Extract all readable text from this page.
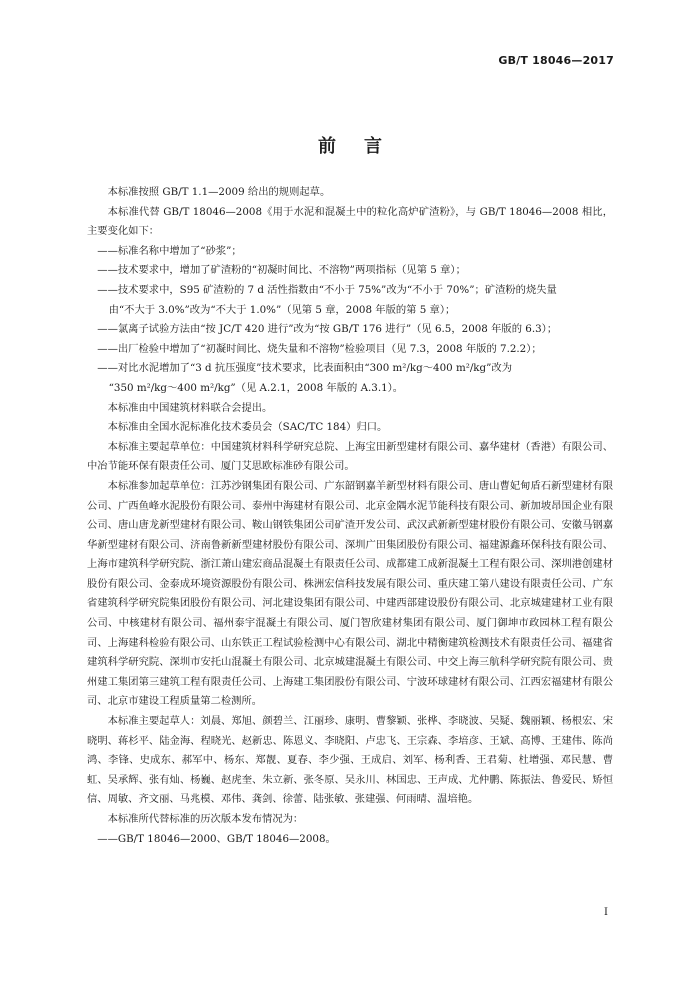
GB/T 18046—2017
前言

本标准按照 GB/T 1.1—2009 给出的规则起草。

本标准代替 GB/T 18046—2008《用于水泥和混凝土中的粒化高炉矿渣粉》，与 GB/T 18046—2008 相比，主要变化如下：

——标准名称中增加了“砂浆”；

——技术要求中，增加了矿渣粉的“初凝时间比、不溶物”两项指标（见第 5 章）；

——技术要求中，S95 矿渣粉的 7 d 活性指数由“不小于 75%”改为“不小于 70%”；矿渣粉的烧失量
由“不大于 3.0%”改为“不大于 1.0%”（见第 5 章，2008 年版的第 5 章）；

——氯离子试验方法由“按 JC/T 420 进行”改为“按 GB/T 176 进行”（见 6.5，2008 年版的 6.3）；

——出厂检验中增加了“初凝时间比、烧失量和不溶物”检验项目（见 7.3，2008 年版的 7.2.2）；

——对比水泥增加了“3 d 抗压强度”技术要求，比表面积由“300 m²/kg～400 m²/kg”改为
“350 m²/kg～400 m²/kg”（见 A.2.1，2008 年版的 A.3.1）。

本标准由中国建筑材料联合会提出。

本标准由全国水泥标准化技术委员会（SAC/TC 184）归口。

本标准主要起草单位：中国建筑材料科学研究总院、上海宝田新型建材有限公司、嘉华建材（香港）有限公司、中冶节能环保有限责任公司、厦门艾思欧标准砂有限公司。

本标准参加起草单位：江苏沙钢集团有限公司、广东韶钢嘉羊新型材料有限公司、唐山曹妃甸盾石新型建材有限公司、广西鱼峰水泥股份有限公司、泰州中海建材有限公司、北京金隅水泥节能科技有限公司、新加坡昂国企业有限公司、唐山唐龙新型建材有限公司、鞍山钢铁集团公司矿渣开发公司、武汉武新新型建材股份有限公司、安徽马钢嘉华新型建材有限公司、济南鲁新新型建材股份有限公司、深圳广田集团股份有限公司、福建源鑫环保科技有限公司、上海市建筑科学研究院、浙江萧山建宏商品混凝土有限责任公司、成都建工成新混凝土工程有限公司、深圳港创建材股份有限公司、金泰成环境资源股份有限公司、株洲宏信科技发展有限公司、重庆建工第八建设有限责任公司、广东省建筑科学研究院集团股份有限公司、河北建设集团有限公司、中建西部建设股份有限公司、北京城建建材工业有限公司、中核建材有限公司、福州泰宇混凝土有限公司、厦门智欣建材集团有限公司、厦门御坤市政园林工程有限公司、上海建科检验有限公司、山东铁正工程试验检测中心有限公司、湖北中精衡建筑检测技术有限责任公司、福建省建筑科学研究院、深圳市安托山混凝土有限公司、北京城建混凝土有限公司、中交上海三航科学研究院有限公司、贵州建工集团第三建筑工程有限责任公司、上海建工集团股份有限公司、宁波环球建材有限公司、江西宏福建材有限公司、北京市建设工程质量第二检测所。

本标准主要起草人：刘晨、郑旭、颜碧兰、江丽珍、康明、曹黎颖、张桦、李晓波、吴疑、魏丽颖、杨根宏、宋晓明、蒋杉平、陆金海、程晓光、赵新忠、陈恩义、李晓阳、卢忠飞、王宗森、李培彦、王斌、高博、王建伟、陈尚鸿、李锋、史成东、郝军中、杨东、郑靓、夏春、李少强、王成启、刘军、杨利香、王君菊、杜增强、邓民慧、曹虹、吴承辉、张有灿、杨巍、赵虎奎、朱立新、张冬原、吴永川、林国忠、王声成、尤仲鹏、陈振法、鲁爱民、矫恒信、周敏、齐文丽、马兆模、邓伟、龚剑、徐蕾、陆张敏、张建强、何雨晴、温培艳。

本标准所代替标准的历次版本发布情况为：

——GB/T 18046—2000、GB/T 18046—2008。

I
